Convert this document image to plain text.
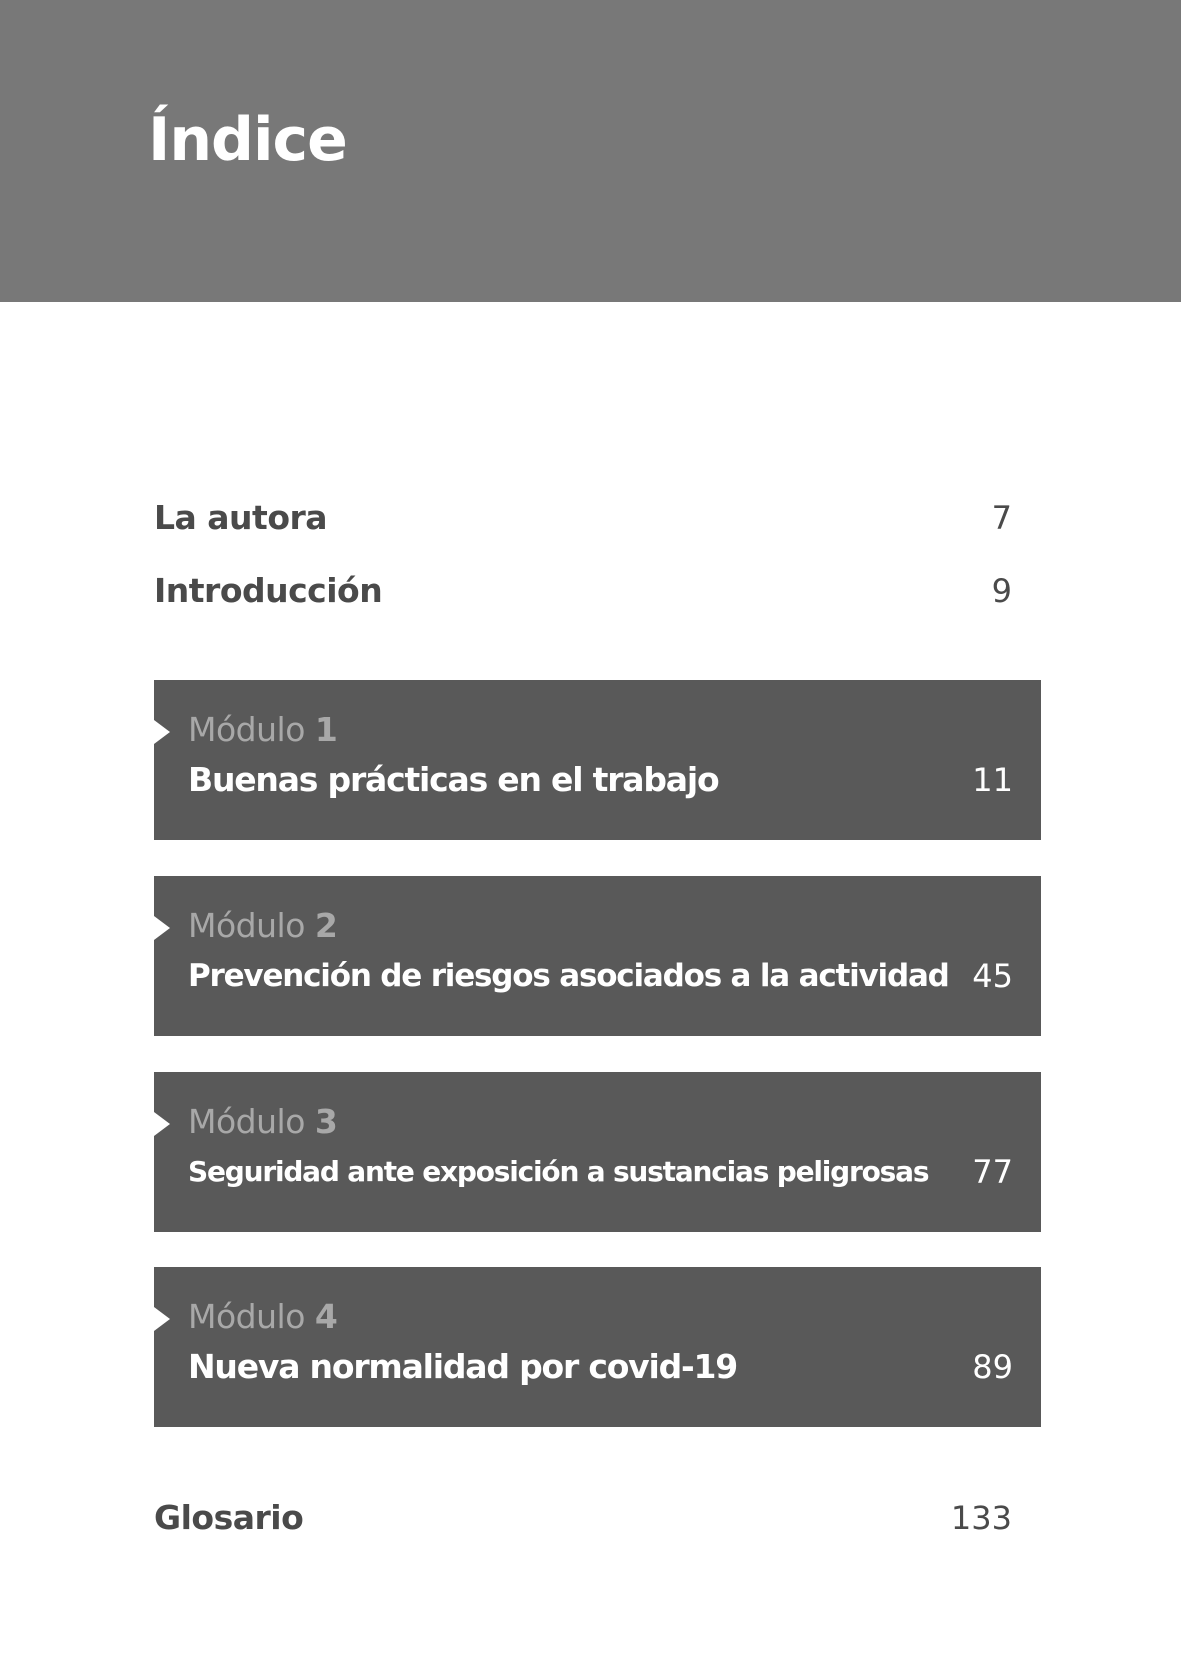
Índice
La autora	7
Introducción	9
Módulo 1
Buenas prácticas en el trabajo	11
Módulo 2
Prevención de riesgos asociados a la actividad 45
Módulo 3
Seguridad ante exposición a sustancias peligrosas 77
Módulo 4
Nueva normalidad por covid-19	89
Glosario	133
